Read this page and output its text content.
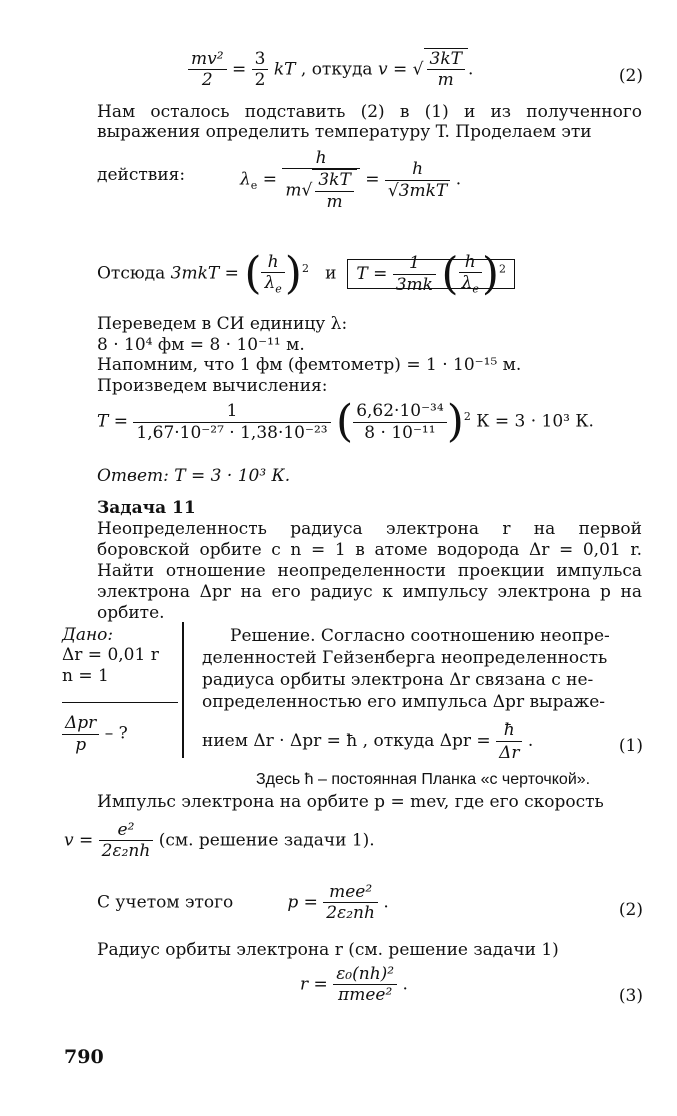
$\frac{\text{mv²}}{2} = \frac{3}{2}$ kT , откуда v = √ $\frac{3kT}{m}$ .	(2)
Нам осталось подставить (2) в (1) и из полученного выражения определить температуру T. Проделаем эти
действия:	$\lambda_e = \frac{h}{m√ \frac{3kT}{m}} = \frac{h}{\text{√3mkT}}$ .
Отсюда 3mkT = ( $\frac{h}{\lambda_e} )^2$ и $T = \frac{1}{3mk}$ ( $\frac{h}{\lambda_e} )^2$
Переведем в СИ единицу λ:
8 · 10⁴ фм = 8 · 10⁻¹¹ м.
Напомним, что 1 фм (фемтометр) = 1 · 10⁻¹⁵ м.
Произведем вычисления:
$T = \frac{1}{\text{1,67·10⁻²⁷ · 1,38·10⁻²³}}$ ( $\frac{\text{6,62·10⁻³⁴}}{\text{8 · 10⁻¹¹}} )^2$ К = 3 · 10³ К.
Ответ: T = 3 · 10³ К.
Задача 11
Неопределенность радиуса электрона r на первой боровской орбите с n = 1 в атоме водорода Δr = 0,01 r. Найти отношение неопределенности проекции импульса электрона Δpr на его радиус к импульсу электрона p на орбите.
Дано:
Δr = 0,01 r
n = 1
$\frac{\text{Δpr}}{p}$ – ?
Решение. Согласно соотношению неопре-
деленностей Гейзенберга неопределенность
радиуса орбиты электрона Δr связана с не-
определенностью его импульса Δpr выраже-
нием Δr · Δpr = ħ , откуда $\Delta pr = \frac{ħ}{\Delta r}$ .	(1)
Здесь ħ – постоянная Планка «с черточкой».
Импульс электрона на орбите p = mev, где его скорость
$v = \frac{\text{e²}}{\text{2ε₂nh}} (см$. решение задачи 1).
С учетом этого	$p = \frac{\text{mee²}}{\text{2ε₂nh}}$ .	(2)
Радиус орбиты электрона r (см. решение задачи 1)
$r = \frac{\text{ε₀(nh)²}}{\text{πmee²}}$ .
(3)
790
